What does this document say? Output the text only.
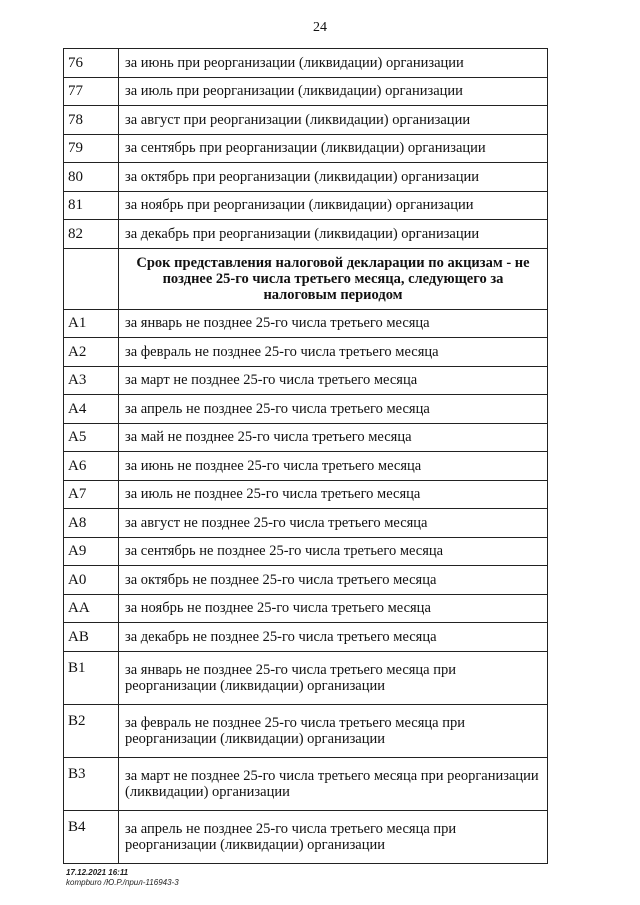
24
76	за июнь при реорганизации (ликвидации) организации
77	за июль при реорганизации (ликвидации) организации
78	за август при реорганизации (ликвидации) организации
79	за сентябрь при реорганизации (ликвидации) организации
80	за октябрь при реорганизации (ликвидации) организации
81	за ноябрь при реорганизации (ликвидации) организации
82	за декабрь при реорганизации (ликвидации) организации
	Срок представления налоговой декларации по акцизам - не позднее 25-го числа третьего месяца, следующего за налоговым периодом
A1	за январь не позднее 25-го числа третьего месяца
A2	за февраль не позднее 25-го числа третьего месяца
A3	за март не позднее 25-го числа третьего месяца
A4	за апрель не позднее 25-го числа третьего месяца
A5	за май не позднее 25-го числа третьего месяца
A6	за июнь не позднее 25-го числа третьего месяца
A7	за июль не позднее 25-го числа третьего месяца
A8	за август не позднее 25-го числа третьего месяца
A9	за сентябрь не позднее 25-го числа третьего месяца
A0	за октябрь не позднее 25-го числа третьего месяца
AA	за ноябрь не позднее 25-го числа третьего месяца
AB	за декабрь не позднее 25-го числа третьего месяца
B1	за январь не позднее 25-го числа третьего месяца при реорганизации (ликвидации) организации
B2	за февраль не позднее 25-го числа третьего месяца при реорганизации (ликвидации) организации
B3	за март не позднее 25-го числа третьего месяца при реорганизации (ликвидации) организации
B4	за апрель не позднее 25-го числа третьего месяца при реорганизации (ликвидации) организации
17.12.2021 16:11
kompburo /Ю.Р./прил-116943-3
